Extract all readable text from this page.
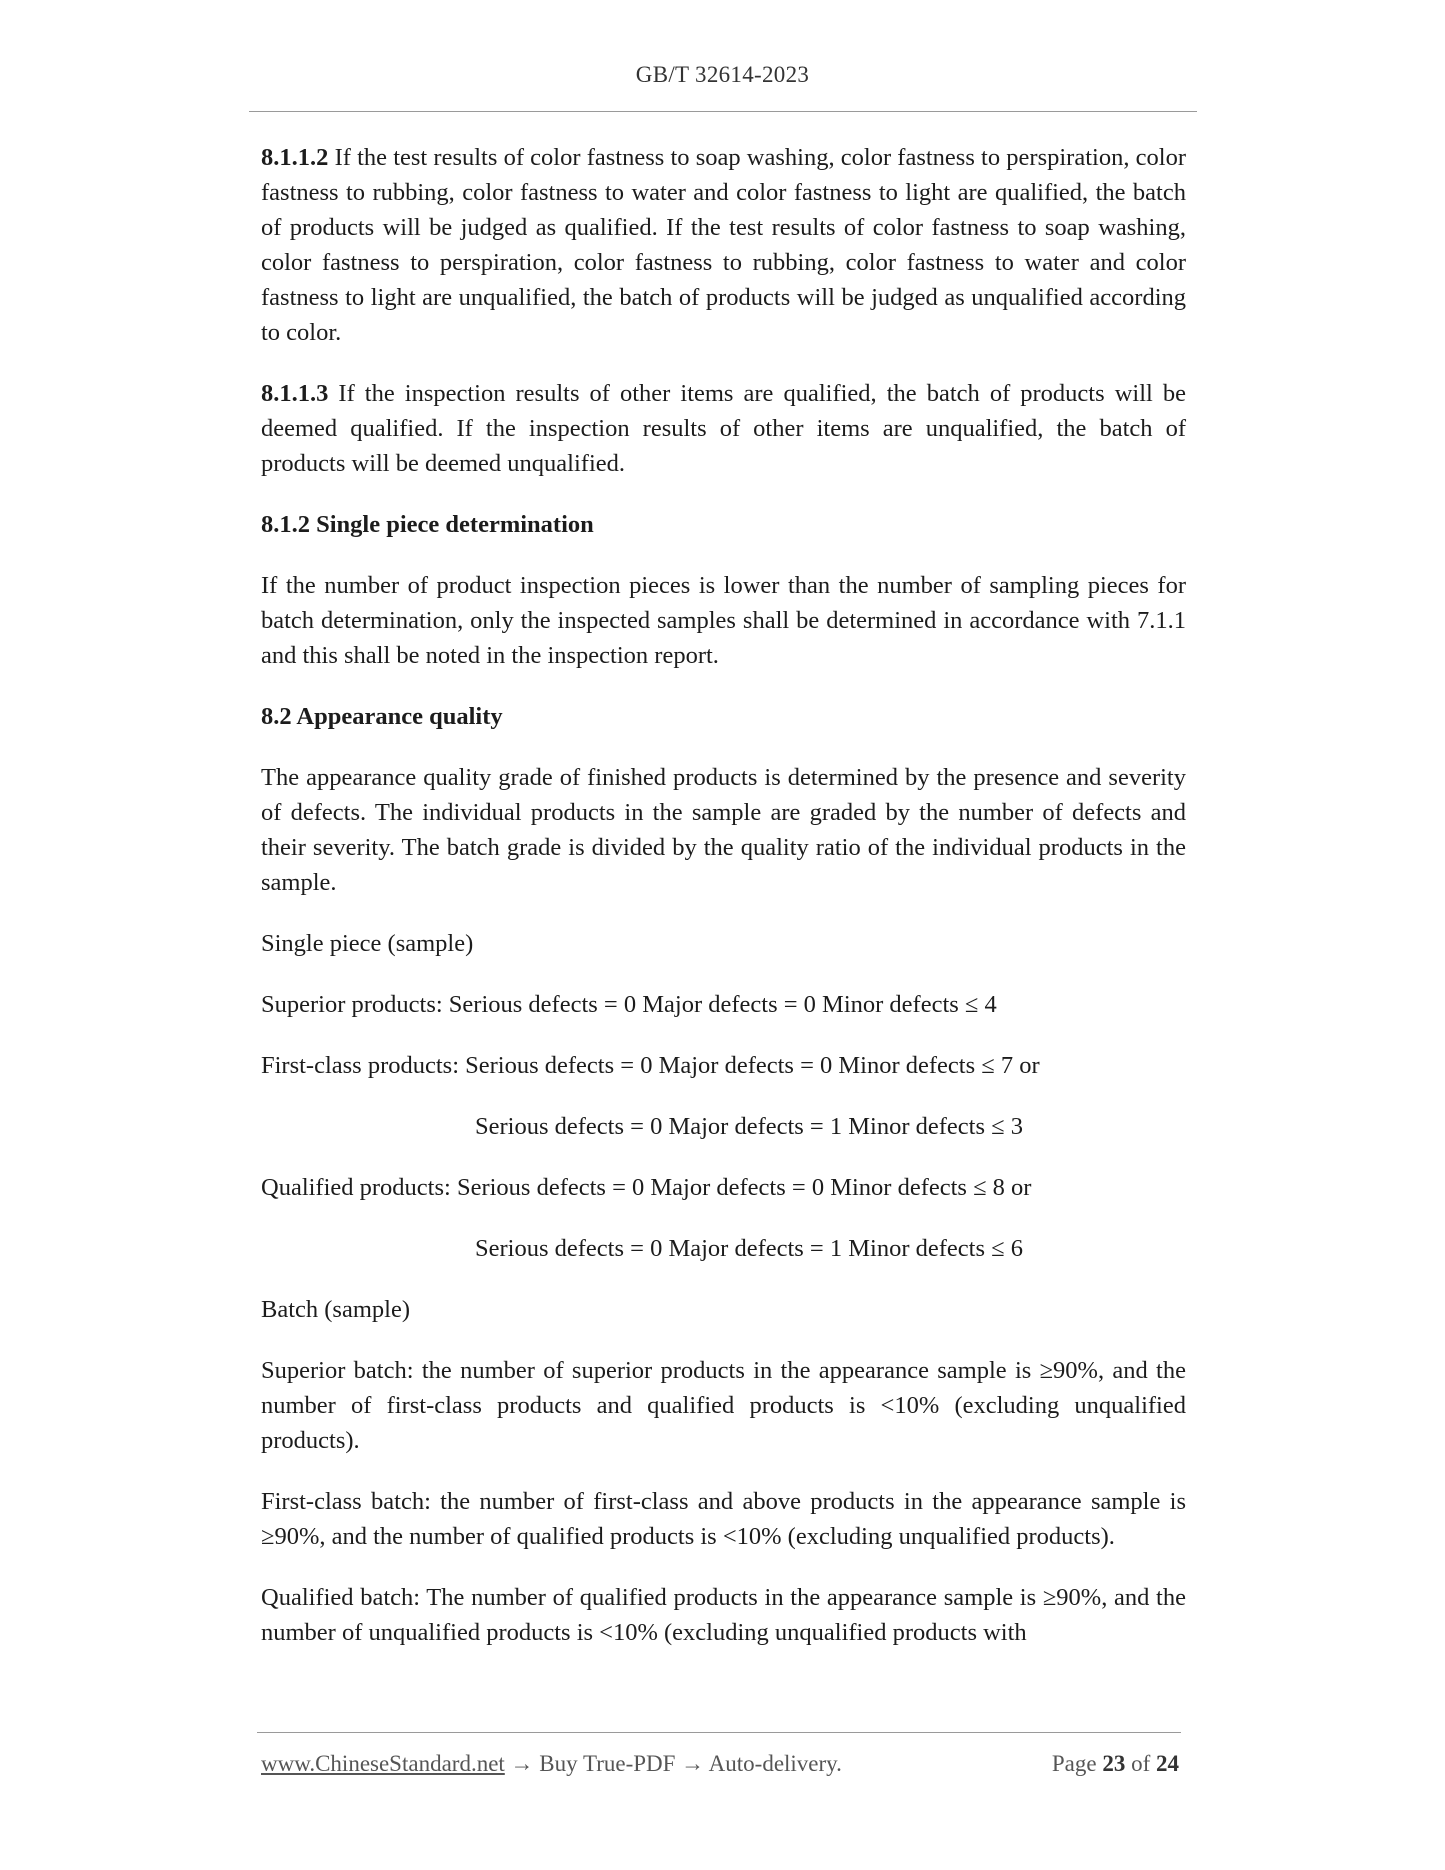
GB/T 32614-2023

8.1.1.2 If the test results of color fastness to soap washing, color fastness to perspiration, color fastness to rubbing, color fastness to water and color fastness to light are qualified, the batch of products will be judged as qualified. If the test results of color fastness to soap washing, color fastness to perspiration, color fastness to rubbing, color fastness to water and color fastness to light are unqualified, the batch of products will be judged as unqualified according to color.

8.1.1.3 If the inspection results of other items are qualified, the batch of products will be deemed qualified. If the inspection results of other items are unqualified, the batch of products will be deemed unqualified.

8.1.2 Single piece determination

If the number of product inspection pieces is lower than the number of sampling pieces for batch determination, only the inspected samples shall be determined in accordance with 7.1.1 and this shall be noted in the inspection report.

8.2 Appearance quality

The appearance quality grade of finished products is determined by the presence and severity of defects. The individual products in the sample are graded by the number of defects and their severity. The batch grade is divided by the quality ratio of the individual products in the sample.

Single piece (sample)

Superior products: Serious defects = 0 Major defects = 0 Minor defects ≤ 4

First-class products: Serious defects = 0 Major defects = 0 Minor defects ≤ 7 or

Serious defects = 0 Major defects = 1 Minor defects ≤ 3

Qualified products: Serious defects = 0 Major defects = 0 Minor defects ≤ 8 or

Serious defects = 0 Major defects = 1 Minor defects ≤ 6

Batch (sample)

Superior batch: the number of superior products in the appearance sample is ≥90%, and the number of first-class products and qualified products is <10% (excluding unqualified products).

First-class batch: the number of first-class and above products in the appearance sample is ≥90%, and the number of qualified products is <10% (excluding unqualified products).

Qualified batch: The number of qualified products in the appearance sample is ≥90%, and the number of unqualified products is <10% (excluding unqualified products with

www.ChineseStandard.net → Buy True-PDF → Auto-delivery.	Page 23 of 24
